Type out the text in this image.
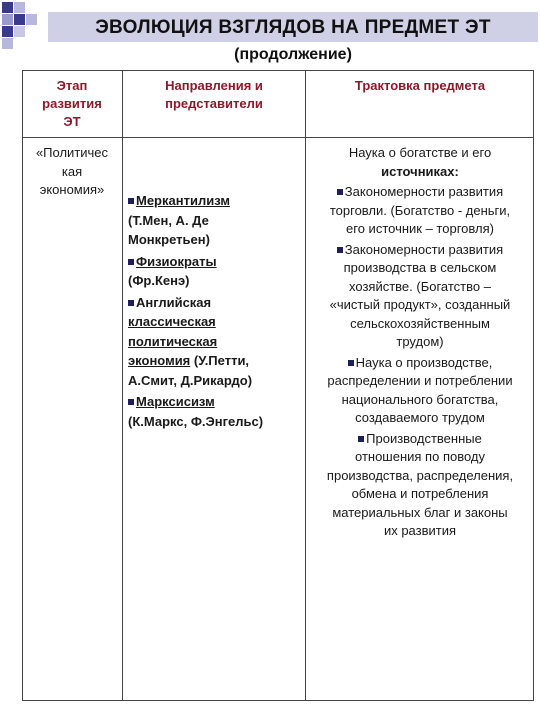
ЭВОЛЮЦИЯ ВЗГЛЯДОВ НА ПРЕДМЕТ ЭТ
(продолжение)
Этап
развития
ЭТ
Направления и
представители
Трактовка предмета
«Политичес
кая
экономия»
Меркантилизм
(Т.Мен, А. Де
Монкретьен)
Физиократы
(Фр.Кенэ)
Английская
классическая
политическая
экономия (У.Петти,
А.Смит, Д.Рикардо)
Марксисизм
(К.Маркс, Ф.Энгельс)
Наука о богатстве и его
источниках:
Закономерности развития
торговли. (Богатство - деньги,
его источник – торговля)
Закономерности развития
производства в сельском
хозяйстве. (Богатство –
«чистый продукт», созданный
сельскохозяйственным
трудом)
Наука о производстве,
распределении и потреблении
национального богатства,
создаваемого трудом
Производственные
отношения по поводу
производства, распределения,
обмена и потребления
материальных благ и законы
их развития
